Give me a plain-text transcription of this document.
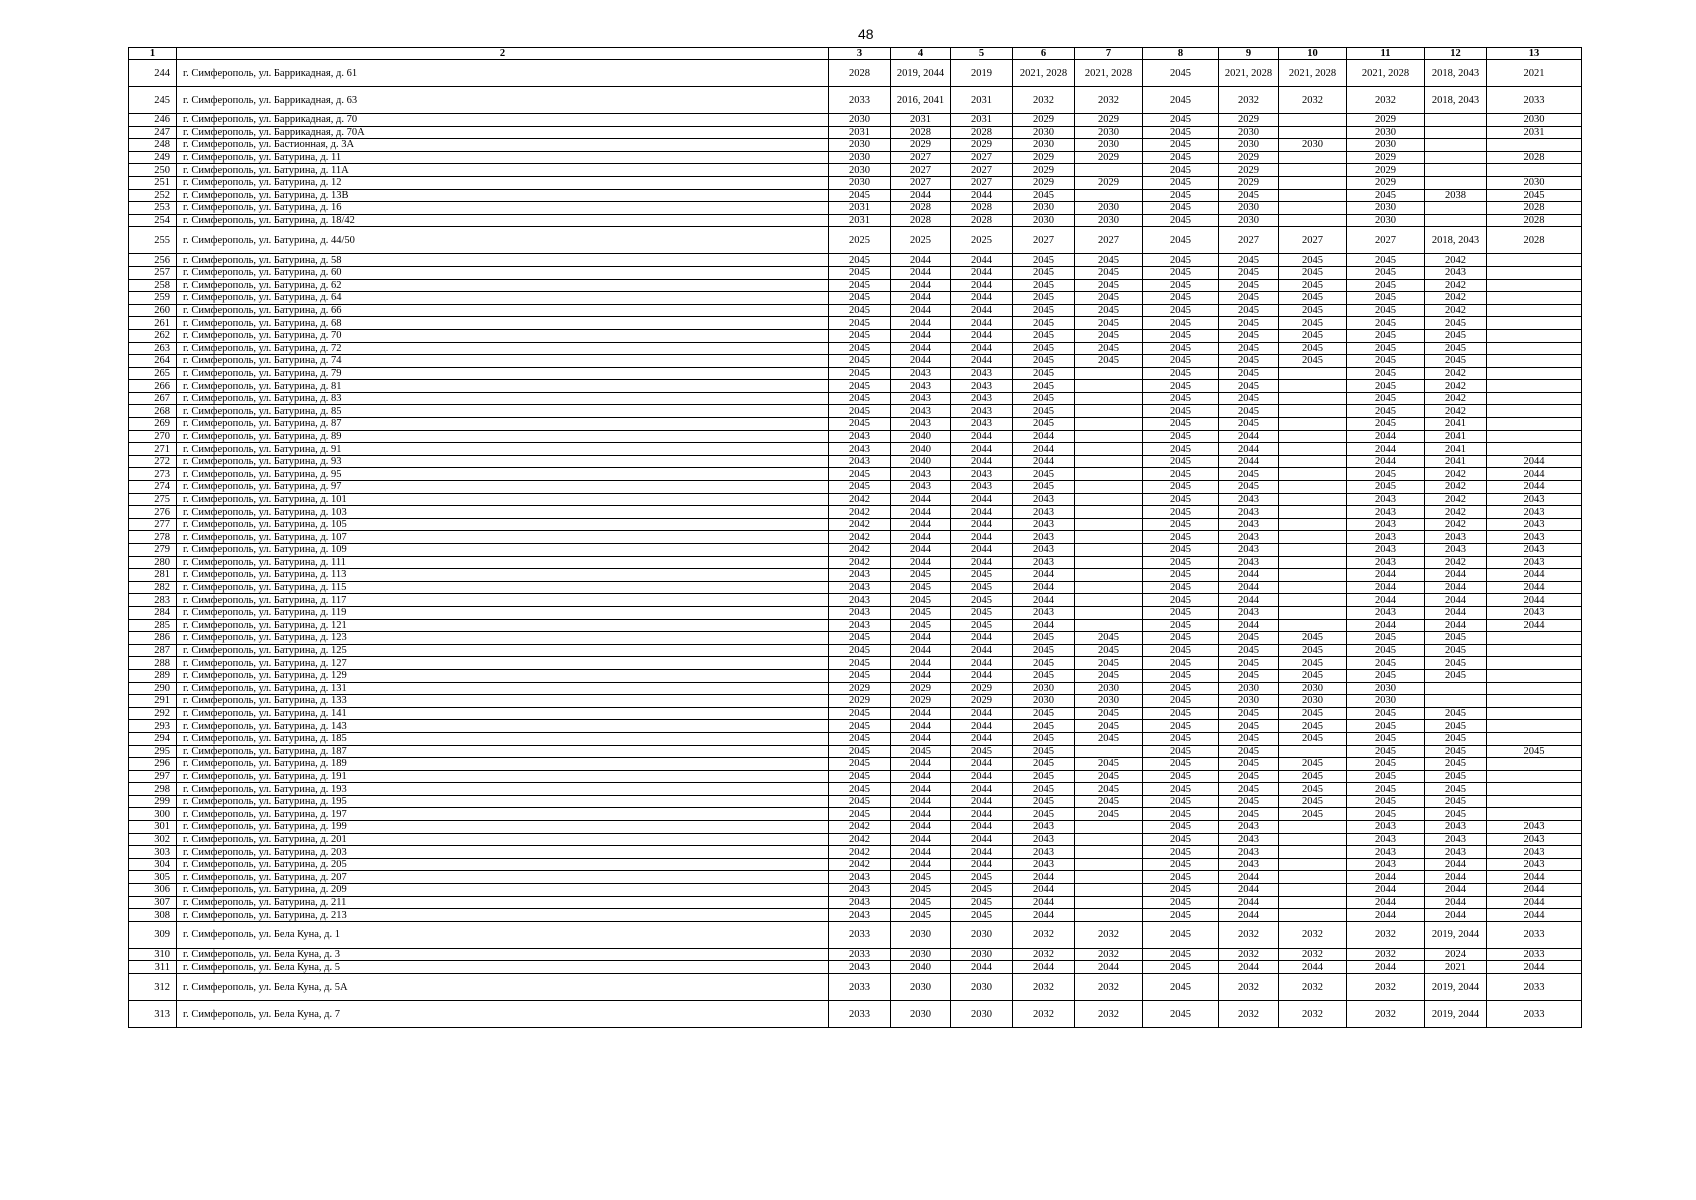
48
1	2	3	4	5	6	7	8	9	10	11	12	13
244	г. Симферополь, ул. Баррикадная, д. 61	2028	2019, 2044	2019	2021, 2028	2021, 2028	2045	2021, 2028	2021, 2028	2021, 2028	2018, 2043	2021
245	г. Симферополь, ул. Баррикадная, д. 63	2033	2016, 2041	2031	2032	2032	2045	2032	2032	2032	2018, 2043	2033
246	г. Симферополь, ул. Баррикадная, д. 70	2030	2031	2031	2029	2029	2045	2029		2029		2030
247	г. Симферополь, ул. Баррикадная, д. 70А	2031	2028	2028	2030	2030	2045	2030		2030		2031
248	г. Симферополь, ул. Бастионная, д. 3А	2030	2029	2029	2030	2030	2045	2030	2030	2030		
249	г. Симферополь, ул. Батурина, д. 11	2030	2027	2027	2029	2029	2045	2029		2029		2028
250	г. Симферополь, ул. Батурина, д. 11А	2030	2027	2027	2029		2045	2029		2029		
251	г. Симферополь, ул. Батурина, д. 12	2030	2027	2027	2029	2029	2045	2029		2029		2030
252	г. Симферополь, ул. Батурина, д. 13В	2045	2044	2044	2045		2045	2045		2045	2038	2045
253	г. Симферополь, ул. Батурина, д. 16	2031	2028	2028	2030	2030	2045	2030		2030		2028
254	г. Симферополь, ул. Батурина, д. 18/42	2031	2028	2028	2030	2030	2045	2030		2030		2028
255	г. Симферополь, ул. Батурина, д. 44/50	2025	2025	2025	2027	2027	2045	2027	2027	2027	2018, 2043	2028
256	г. Симферополь, ул. Батурина, д. 58	2045	2044	2044	2045	2045	2045	2045	2045	2045	2042	
257	г. Симферополь, ул. Батурина, д. 60	2045	2044	2044	2045	2045	2045	2045	2045	2045	2043	
258	г. Симферополь, ул. Батурина, д. 62	2045	2044	2044	2045	2045	2045	2045	2045	2045	2042	
259	г. Симферополь, ул. Батурина, д. 64	2045	2044	2044	2045	2045	2045	2045	2045	2045	2042	
260	г. Симферополь, ул. Батурина, д. 66	2045	2044	2044	2045	2045	2045	2045	2045	2045	2042	
261	г. Симферополь, ул. Батурина, д. 68	2045	2044	2044	2045	2045	2045	2045	2045	2045	2045	
262	г. Симферополь, ул. Батурина, д. 70	2045	2044	2044	2045	2045	2045	2045	2045	2045	2045	
263	г. Симферополь, ул. Батурина, д. 72	2045	2044	2044	2045	2045	2045	2045	2045	2045	2045	
264	г. Симферополь, ул. Батурина, д. 74	2045	2044	2044	2045	2045	2045	2045	2045	2045	2045	
265	г. Симферополь, ул. Батурина, д. 79	2045	2043	2043	2045		2045	2045		2045	2042	
266	г. Симферополь, ул. Батурина, д. 81	2045	2043	2043	2045		2045	2045		2045	2042	
267	г. Симферополь, ул. Батурина, д. 83	2045	2043	2043	2045		2045	2045		2045	2042	
268	г. Симферополь, ул. Батурина, д. 85	2045	2043	2043	2045		2045	2045		2045	2042	
269	г. Симферополь, ул. Батурина, д. 87	2045	2043	2043	2045		2045	2045		2045	2041	
270	г. Симферополь, ул. Батурина, д. 89	2043	2040	2044	2044		2045	2044		2044	2041	
271	г. Симферополь, ул. Батурина, д. 91	2043	2040	2044	2044		2045	2044		2044	2041	
272	г. Симферополь, ул. Батурина, д. 93	2043	2040	2044	2044		2045	2044		2044	2041	2044
273	г. Симферополь, ул. Батурина, д. 95	2045	2043	2043	2045		2045	2045		2045	2042	2044
274	г. Симферополь, ул. Батурина, д. 97	2045	2043	2043	2045		2045	2045		2045	2042	2044
275	г. Симферополь, ул. Батурина, д. 101	2042	2044	2044	2043		2045	2043		2043	2042	2043
276	г. Симферополь, ул. Батурина, д. 103	2042	2044	2044	2043		2045	2043		2043	2042	2043
277	г. Симферополь, ул. Батурина, д. 105	2042	2044	2044	2043		2045	2043		2043	2042	2043
278	г. Симферополь, ул. Батурина, д. 107	2042	2044	2044	2043		2045	2043		2043	2043	2043
279	г. Симферополь, ул. Батурина, д. 109	2042	2044	2044	2043		2045	2043		2043	2043	2043
280	г. Симферополь, ул. Батурина, д. 111	2042	2044	2044	2043		2045	2043		2043	2042	2043
281	г. Симферополь, ул. Батурина, д. 113	2043	2045	2045	2044		2045	2044		2044	2044	2044
282	г. Симферополь, ул. Батурина, д. 115	2043	2045	2045	2044		2045	2044		2044	2044	2044
283	г. Симферополь, ул. Батурина, д. 117	2043	2045	2045	2044		2045	2044		2044	2044	2044
284	г. Симферополь, ул. Батурина, д. 119	2043	2045	2045	2043		2045	2043		2043	2044	2043
285	г. Симферополь, ул. Батурина, д. 121	2043	2045	2045	2044		2045	2044		2044	2044	2044
286	г. Симферополь, ул. Батурина, д. 123	2045	2044	2044	2045	2045	2045	2045	2045	2045	2045	
287	г. Симферополь, ул. Батурина, д. 125	2045	2044	2044	2045	2045	2045	2045	2045	2045	2045	
288	г. Симферополь, ул. Батурина, д. 127	2045	2044	2044	2045	2045	2045	2045	2045	2045	2045	
289	г. Симферополь, ул. Батурина, д. 129	2045	2044	2044	2045	2045	2045	2045	2045	2045	2045	
290	г. Симферополь, ул. Батурина, д. 131	2029	2029	2029	2030	2030	2045	2030	2030	2030		
291	г. Симферополь, ул. Батурина, д. 133	2029	2029	2029	2030	2030	2045	2030	2030	2030		
292	г. Симферополь, ул. Батурина, д. 141	2045	2044	2044	2045	2045	2045	2045	2045	2045	2045	
293	г. Симферополь, ул. Батурина, д. 143	2045	2044	2044	2045	2045	2045	2045	2045	2045	2045	
294	г. Симферополь, ул. Батурина, д. 185	2045	2044	2044	2045	2045	2045	2045	2045	2045	2045	
295	г. Симферополь, ул. Батурина, д. 187	2045	2045	2045	2045		2045	2045		2045	2045	2045
296	г. Симферополь, ул. Батурина, д. 189	2045	2044	2044	2045	2045	2045	2045	2045	2045	2045	
297	г. Симферополь, ул. Батурина, д. 191	2045	2044	2044	2045	2045	2045	2045	2045	2045	2045	
298	г. Симферополь, ул. Батурина, д. 193	2045	2044	2044	2045	2045	2045	2045	2045	2045	2045	
299	г. Симферополь, ул. Батурина, д. 195	2045	2044	2044	2045	2045	2045	2045	2045	2045	2045	
300	г. Симферополь, ул. Батурина, д. 197	2045	2044	2044	2045	2045	2045	2045	2045	2045	2045	
301	г. Симферополь, ул. Батурина, д. 199	2042	2044	2044	2043		2045	2043		2043	2043	2043
302	г. Симферополь, ул. Батурина, д. 201	2042	2044	2044	2043		2045	2043		2043	2043	2043
303	г. Симферополь, ул. Батурина, д. 203	2042	2044	2044	2043		2045	2043		2043	2043	2043
304	г. Симферополь, ул. Батурина, д. 205	2042	2044	2044	2043		2045	2043		2043	2044	2043
305	г. Симферополь, ул. Батурина, д. 207	2043	2045	2045	2044		2045	2044		2044	2044	2044
306	г. Симферополь, ул. Батурина, д. 209	2043	2045	2045	2044		2045	2044		2044	2044	2044
307	г. Симферополь, ул. Батурина, д. 211	2043	2045	2045	2044		2045	2044		2044	2044	2044
308	г. Симферополь, ул. Батурина, д. 213	2043	2045	2045	2044		2045	2044		2044	2044	2044
309	г. Симферополь, ул. Бела Куна, д. 1	2033	2030	2030	2032	2032	2045	2032	2032	2032	2019, 2044	2033
310	г. Симферополь, ул. Бела Куна, д. 3	2033	2030	2030	2032	2032	2045	2032	2032	2032	2024	2033
311	г. Симферополь, ул. Бела Куна, д. 5	2043	2040	2044	2044	2044	2045	2044	2044	2044	2021	2044
312	г. Симферополь, ул. Бела Куна, д. 5А	2033	2030	2030	2032	2032	2045	2032	2032	2032	2019, 2044	2033
313	г. Симферополь, ул. Бела Куна, д. 7	2033	2030	2030	2032	2032	2045	2032	2032	2032	2019, 2044	2033
